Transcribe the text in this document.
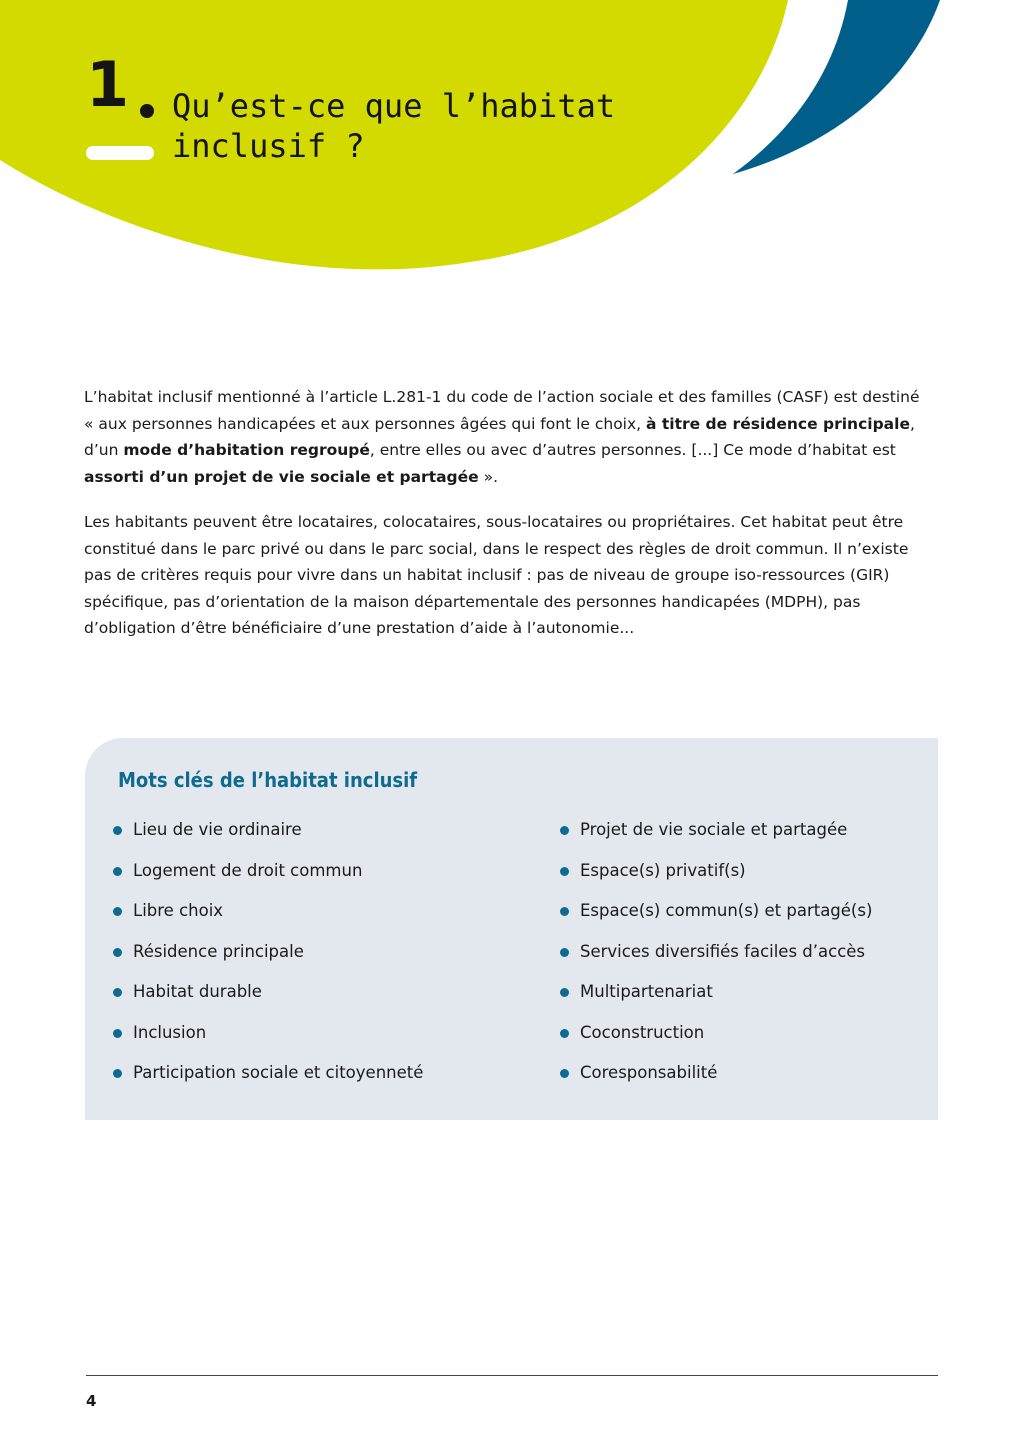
1 Qu’est-ce que l’habitat
inclusif ?

L’habitat inclusif mentionné à l’article L.281-1 du code de l’action sociale et des familles (CASF) est destiné « aux personnes handicapées et aux personnes âgées qui font le choix, à titre de résidence principale, d’un mode d’habitation regroupé, entre elles ou avec d’autres personnes. [...] Ce mode d’habitat est assorti d’un projet de vie sociale et partagée ».

Les habitants peuvent être locataires, colocataires, sous-locataires ou propriétaires. Cet habitat peut être constitué dans le parc privé ou dans le parc social, dans le respect des règles de droit commun. Il n’existe pas de critères requis pour vivre dans un habitat inclusif : pas de niveau de groupe iso-ressources (GIR) spécifique, pas d’orientation de la maison départementale des personnes handicapées (MDPH), pas d’obligation d’être bénéficiaire d’une prestation d’aide à l’autonomie...

Mots clés de l’habitat inclusif
Lieu de vie ordinaire
Logement de droit commun
Libre choix
Résidence principale
Habitat durable
Inclusion
Participation sociale et citoyenneté
Projet de vie sociale et partagée
Espace(s) privatif(s)
Espace(s) commun(s) et partagé(s)
Services diversifiés faciles d’accès
Multipartenariat
Coconstruction
Coresponsabilité
4
